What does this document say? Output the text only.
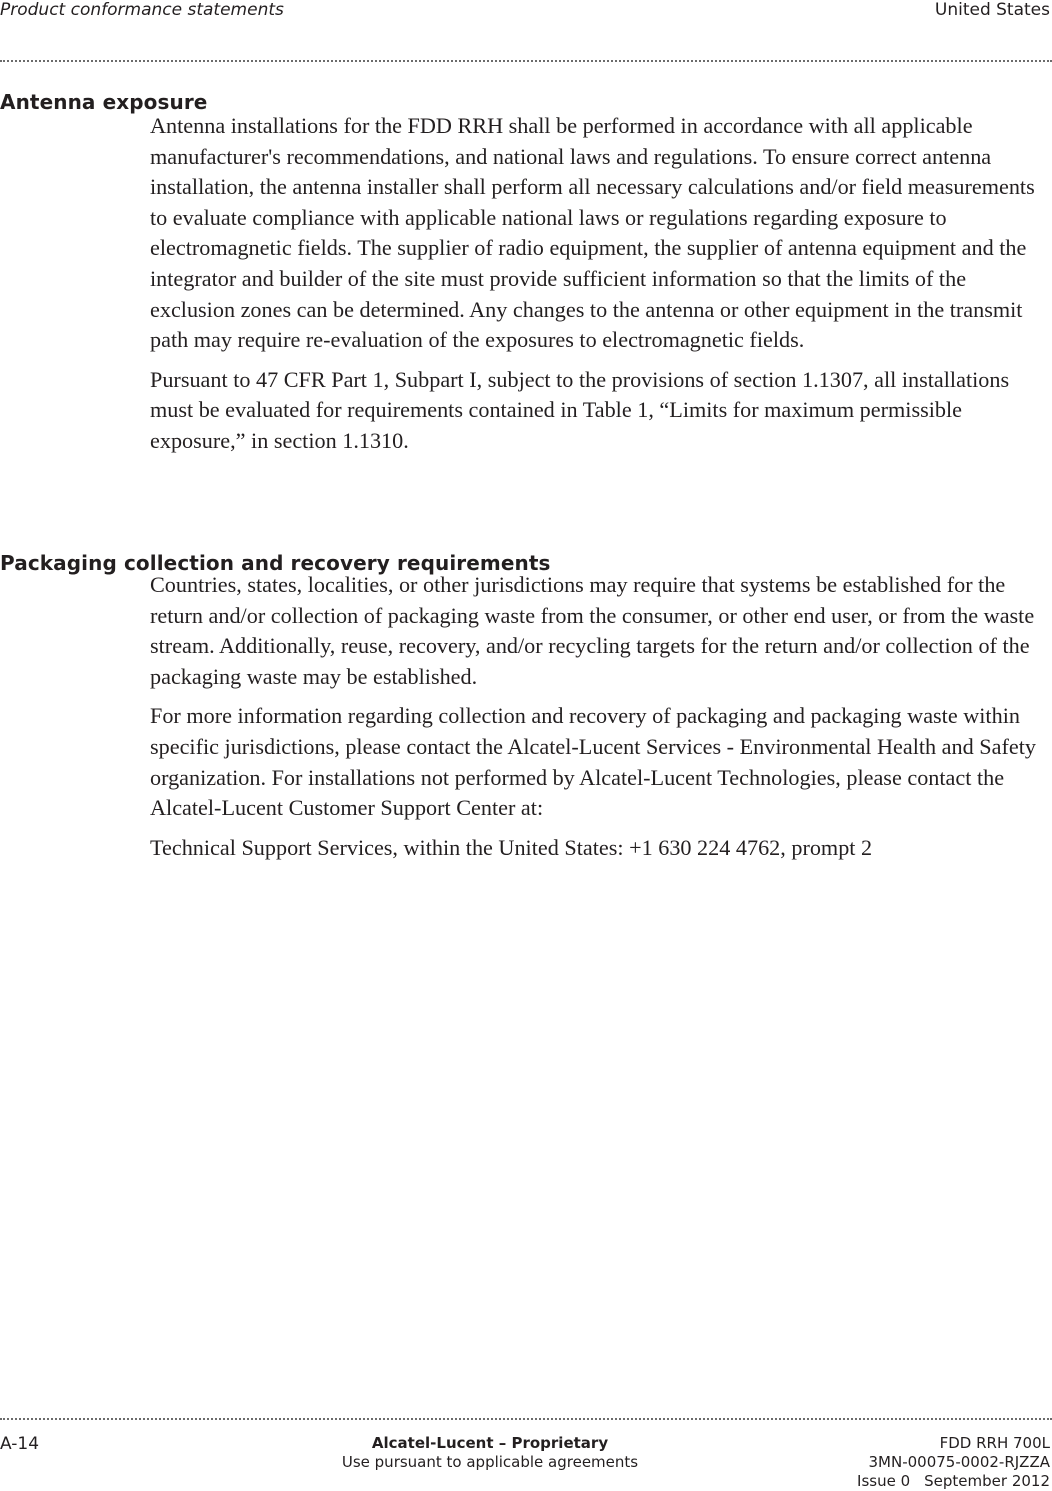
Product conformance statements	United States
Antenna exposure

Antenna installations for the FDD RRH shall be performed in accordance with all applicable manufacturer's recommendations, and national laws and regulations. To ensure correct antenna installation, the antenna installer shall perform all necessary calculations and/or field measurements to evaluate compliance with applicable national laws or regulations regarding exposure to electromagnetic fields. The supplier of radio equipment, the supplier of antenna equipment and the integrator and builder of the site must provide sufficient information so that the limits of the exclusion zones can be determined. Any changes to the antenna or other equipment in the transmit path may require re-evaluation of the exposures to electromagnetic fields.

Pursuant to 47 CFR Part 1, Subpart I, subject to the provisions of section 1.1307, all installations must be evaluated for requirements contained in Table 1, “Limits for maximum permissible exposure,” in section 1.1310.

Packaging collection and recovery requirements

Countries, states, localities, or other jurisdictions may require that systems be established for the return and/or collection of packaging waste from the consumer, or other end user, or from the waste stream. Additionally, reuse, recovery, and/or recycling targets for the return and/or collection of the packaging waste may be established.

For more information regarding collection and recovery of packaging and packaging waste within specific jurisdictions, please contact the Alcatel-Lucent Services - Environmental Health and Safety organization. For installations not performed by Alcatel-Lucent Technologies, please contact the Alcatel-Lucent Customer Support Center at:

Technical Support Services, within the United States: +1 630 224 4762, prompt 2

A-14	Alcatel-Lucent – Proprietary
Use pursuant to applicable agreements
FDD RRH 700L
3MN-00075-0002-RJZZA
Issue 0 September 2012
